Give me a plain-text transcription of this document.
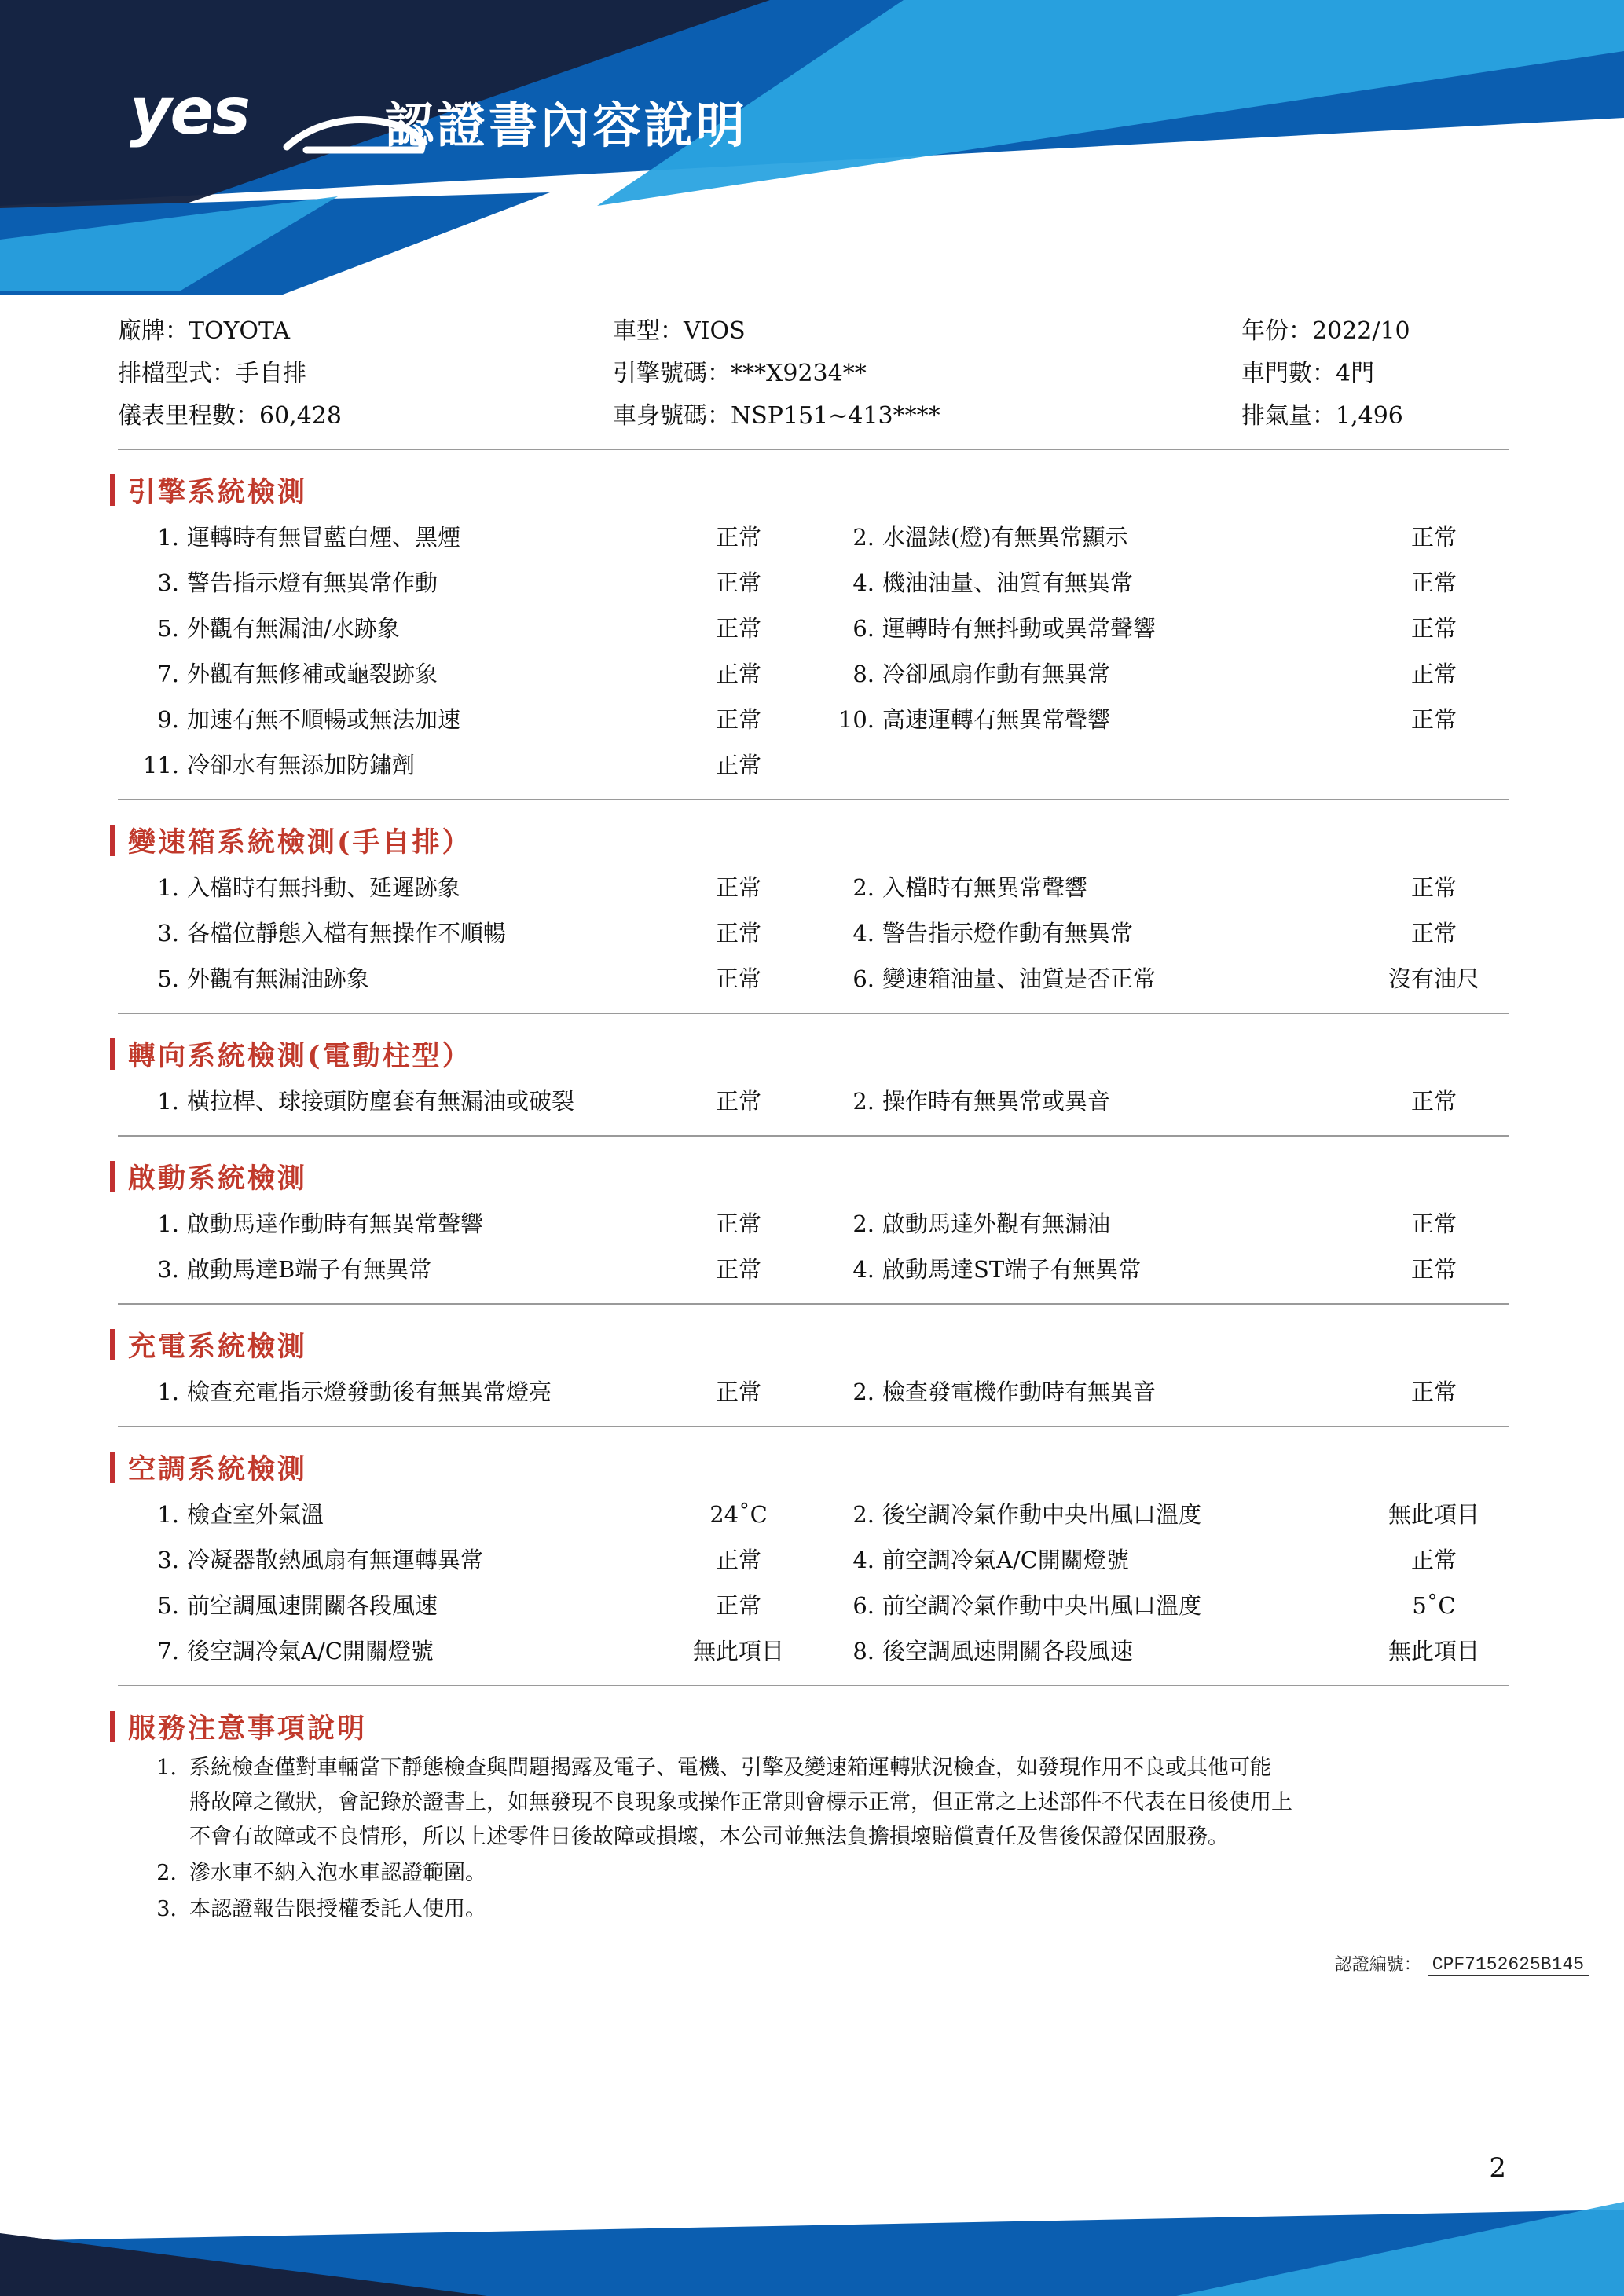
yes	認證書內容說明
廠牌：TOYOTA	車型：VIOS	年份：2022/10
排檔型式：手自排	引擎號碼：***X9234**	車門數：4門
儀表里程數：60,428	車身號碼：NSP151~413****	排氣量：1,496
引擎系統檢測
1. 運轉時有無冒藍白煙、黑煙	正常	2. 水溫錶(燈)有無異常顯示	正常
3. 警告指示燈有無異常作動	正常	4. 機油油量、油質有無異常	正常
5. 外觀有無漏油/水跡象	正常	6. 運轉時有無抖動或異常聲響	正常
7. 外觀有無修補或龜裂跡象	正常	8. 冷卻風扇作動有無異常	正常
9. 加速有無不順暢或無法加速	正常	10. 高速運轉有無異常聲響	正常
11. 冷卻水有無添加防鏽劑	正常
變速箱系統檢測(手自排）
1. 入檔時有無抖動、延遲跡象	正常	2. 入檔時有無異常聲響	正常
3. 各檔位靜態入檔有無操作不順暢	正常	4. 警告指示燈作動有無異常	正常
5. 外觀有無漏油跡象	正常	6. 變速箱油量、油質是否正常	沒有油尺
轉向系統檢測(電動柱型）
1. 橫拉桿、球接頭防塵套有無漏油或破裂	正常	2. 操作時有無異常或異音	正常
啟動系統檢測
1. 啟動馬達作動時有無異常聲響	正常	2. 啟動馬達外觀有無漏油	正常
3. 啟動馬達B端子有無異常	正常	4. 啟動馬達ST端子有無異常	正常
充電系統檢測
1. 檢查充電指示燈發動後有無異常燈亮	正常	2. 檢查發電機作動時有無異音	正常
空調系統檢測
1. 檢查室外氣溫	24˚C	2. 後空調冷氣作動中央出風口溫度	無此項目
3. 冷凝器散熱風扇有無運轉異常	正常	4. 前空調冷氣A/C開關燈號	正常
5. 前空調風速開關各段風速	正常	6. 前空調冷氣作動中央出風口溫度	5˚C
7. 後空調冷氣A/C開關燈號	無此項目	8. 後空調風速開關各段風速	無此項目
服務注意事項說明
1. 系統檢查僅對車輛當下靜態檢查與問題揭露及電子、電機、引擎及變速箱運轉狀況檢查，如發現作用不良或其他可能
將故障之徵狀，會記錄於證書上，如無發現不良現象或操作正常則會標示正常，但正常之上述部件不代表在日後使用上
不會有故障或不良情形，所以上述零件日後故障或損壞，本公司並無法負擔損壞賠償責任及售後保證保固服務。
2. 滲水車不納入泡水車認證範圍。
3. 本認證報告限授權委託人使用。
認證編號： CPF7152625B145
2
